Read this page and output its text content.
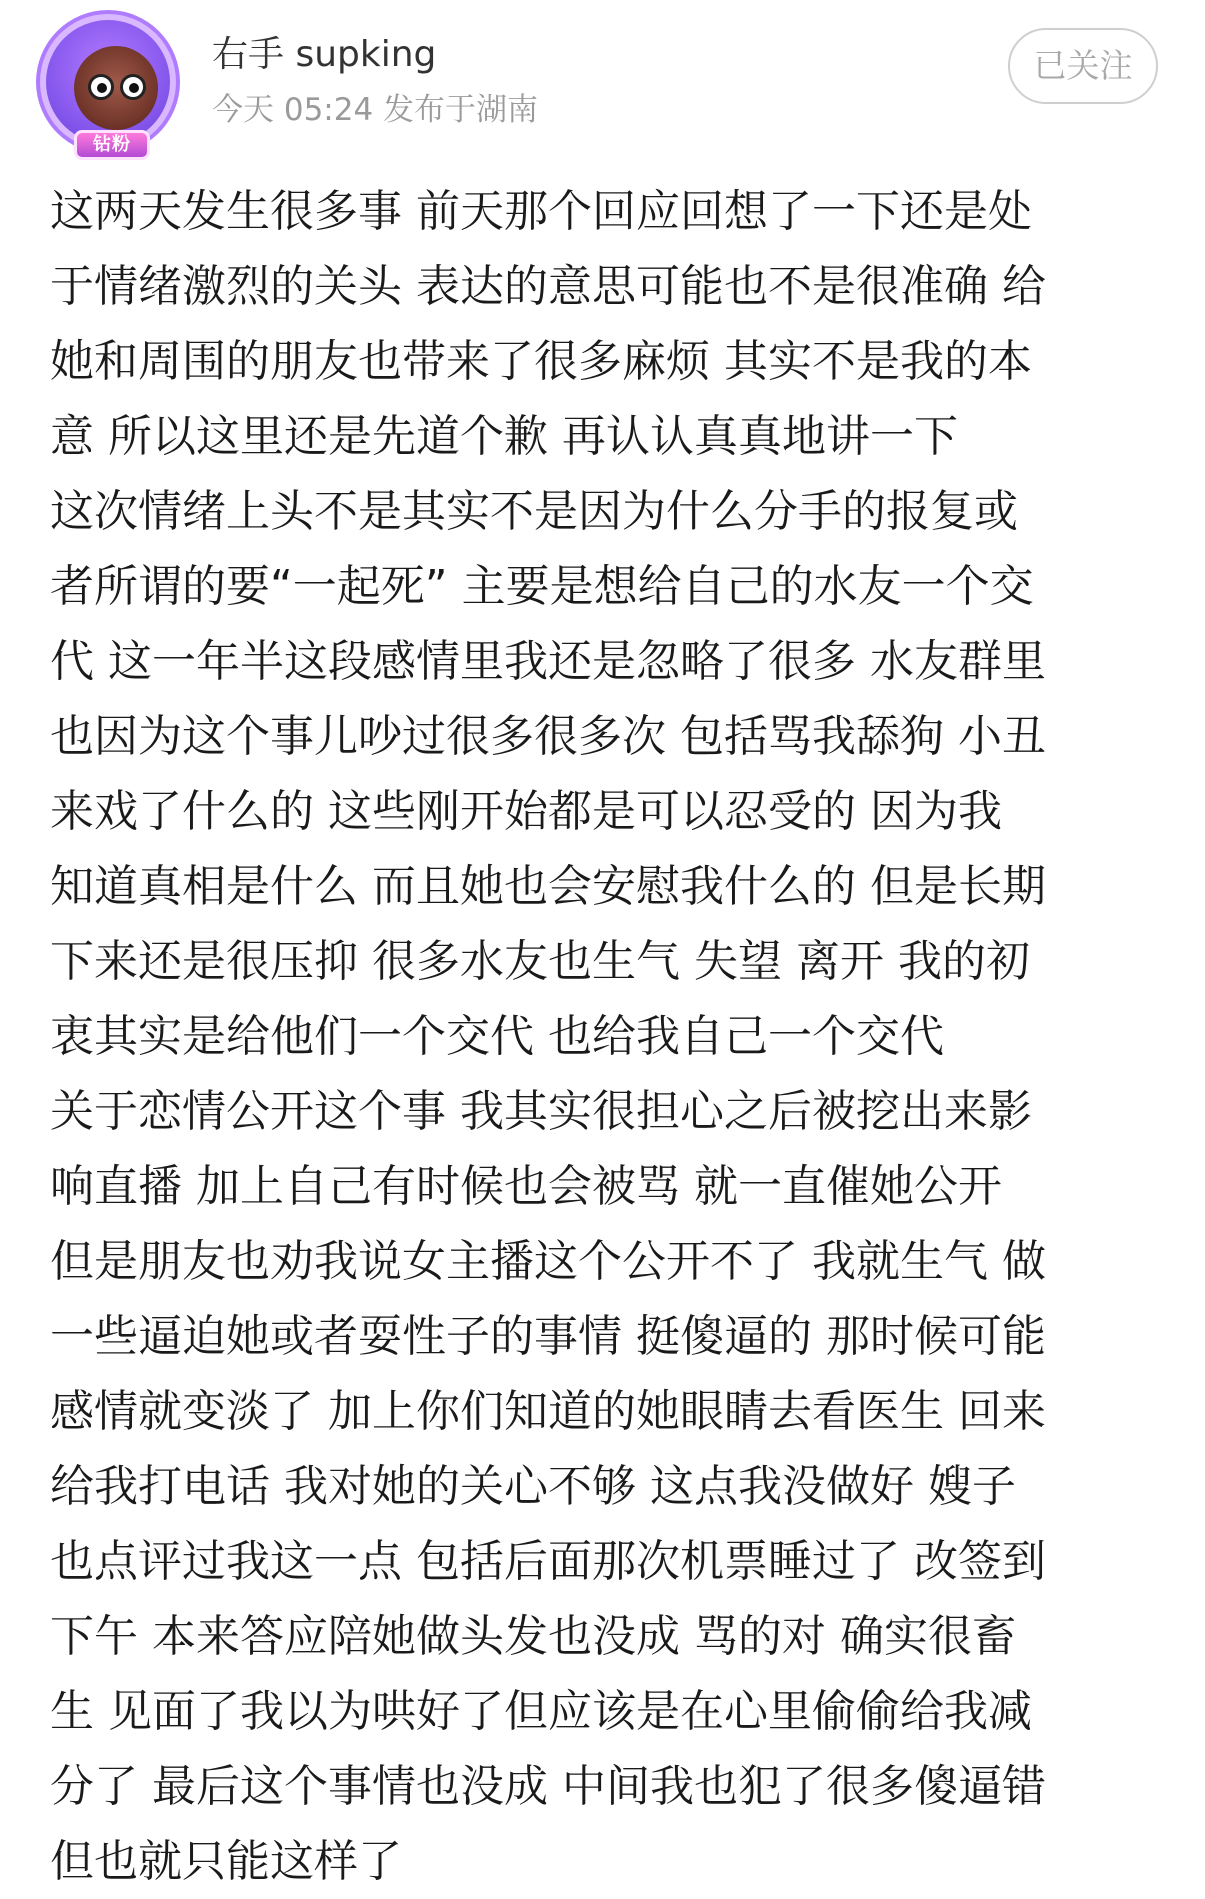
钻粉
右手 supking
今天 05:24 发布于湖南
已关注
这两天发生很多事 前天那个回应回想了一下还是处
于情绪激烈的关头 表达的意思可能也不是很准确 给
她和周围的朋友也带来了很多麻烦 其实不是我的本
意 所以这里还是先道个歉 再认认真真地讲一下
这次情绪上头不是其实不是因为什么分手的报复或
者所谓的要“一起死” 主要是想给自己的水友一个交
代 这一年半这段感情里我还是忽略了很多 水友群里
也因为这个事儿吵过很多很多次 包括骂我舔狗 小丑
来戏了什么的 这些刚开始都是可以忍受的 因为我
知道真相是什么 而且她也会安慰我什么的 但是长期
下来还是很压抑 很多水友也生气 失望 离开 我的初
衷其实是给他们一个交代 也给我自己一个交代
关于恋情公开这个事 我其实很担心之后被挖出来影
响直播 加上自己有时候也会被骂 就一直催她公开
但是朋友也劝我说女主播这个公开不了 我就生气 做
一些逼迫她或者耍性子的事情 挺傻逼的 那时候可能
感情就变淡了 加上你们知道的她眼睛去看医生 回来
给我打电话 我对她的关心不够 这点我没做好 嫂子
也点评过我这一点 包括后面那次机票睡过了 改签到
下午 本来答应陪她做头发也没成 骂的对 确实很畜
生 见面了我以为哄好了但应该是在心里偷偷给我减
分了 最后这个事情也没成 中间我也犯了很多傻逼错
但也就只能这样了
